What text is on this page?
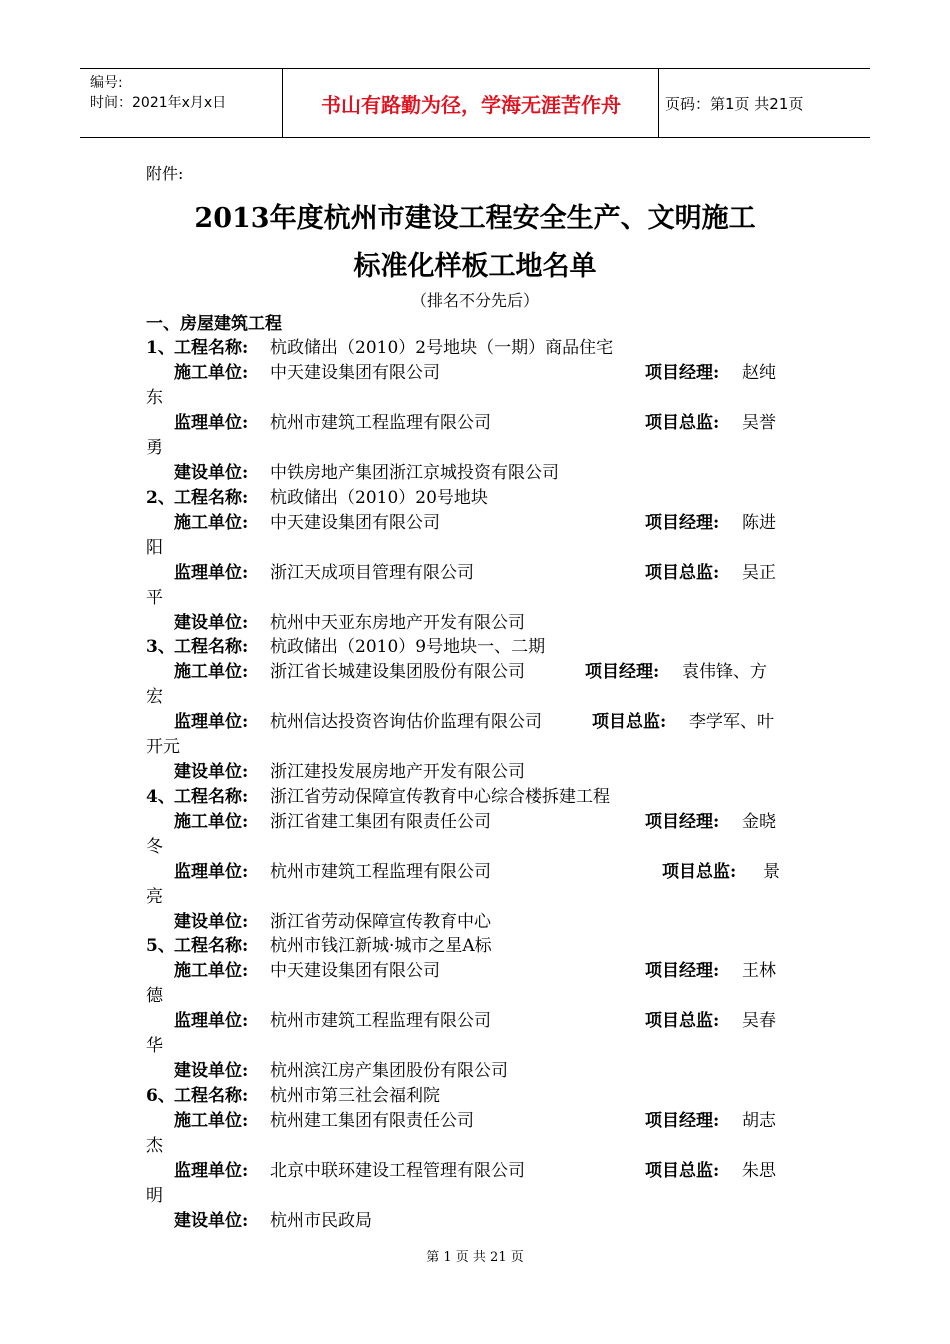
编号:
时间：2021年x月x日	书山有路勤为径，学海无涯苦作舟	页码：第1页 共21页
附件:
2013年度杭州市建设工程安全生产、文明施工
标准化样板工地名单
（排名不分先后）
一、房屋建筑工程
1、 工程名称: 杭政储出（2010）2号地块（一期）商品住宅
施工单位: 中天建设集团有限公司	项目经理: 赵纯
东
监理单位: 杭州市建筑工程监理有限公司	项目总监: 吴誉
勇
建设单位: 中铁房地产集团浙江京城投资有限公司
2、 工程名称: 杭政储出（2010）20号地块
施工单位: 中天建设集团有限公司	项目经理: 陈进
阳
监理单位: 浙江天成项目管理有限公司	项目总监: 吴正
平
建设单位: 杭州中天亚东房地产开发有限公司
3、 工程名称: 杭政储出（2010）9号地块一、二期
施工单位: 浙江省长城建设集团股份有限公司	项目经理: 袁伟锋、方
宏
监理单位: 杭州信达投资咨询估价监理有限公司	项目总监: 李学军、叶
开元
建设单位: 浙江建投发展房地产开发有限公司
4、 工程名称: 浙江省劳动保障宣传教育中心综合楼拆建工程
施工单位: 浙江省建工集团有限责任公司	项目经理: 金晓
冬
监理单位: 杭州市建筑工程监理有限公司	项目总监: 景
亮
建设单位: 浙江省劳动保障宣传教育中心
5、 工程名称: 杭州市钱江新城·城市之星A标
施工单位: 中天建设集团有限公司	项目经理: 王林
德
监理单位: 杭州市建筑工程监理有限公司	项目总监: 吴春
华
建设单位: 杭州滨江房产集团股份有限公司
6、 工程名称: 杭州市第三社会福利院
施工单位: 杭州建工集团有限责任公司	项目经理: 胡志
杰
监理单位: 北京中联环建设工程管理有限公司	项目总监: 朱思
明
建设单位: 杭州市民政局
第 1 页 共 21 页
